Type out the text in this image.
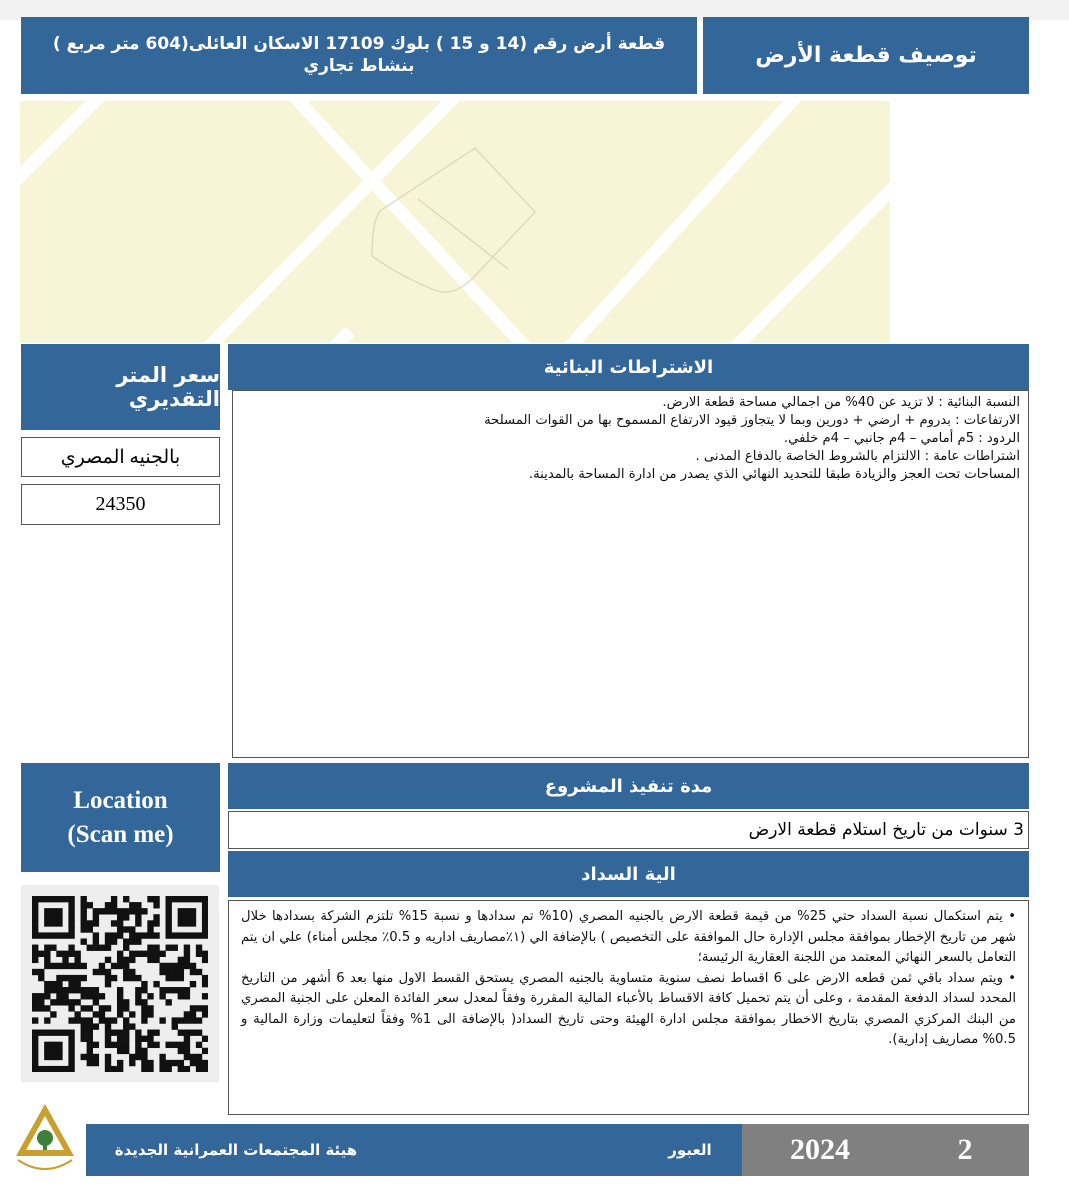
قطعة أرض رقم (14 و 15 ) بلوك 17109 الاسكان العائلى(604 متر مربع ) بنشاط تجاري	توصيف قطعة الأرض
سعر المتر التقديري
بالجنيه المصري
24350
الاشتراطات البنائية
النسبة البنائية : لا تزيد عن 40% من اجمالي مساحة قطعة الارض.
الارتفاعات : بدروم + ارضي + دورين وبما لا يتجاوز قيود الارتفاع المسموح بها من القوات المسلحة
الردود : 5م أمامي – 4م جانبي – 4م خلفي.
اشتراطات عامة : الالتزام بالشروط الخاصة بالدفاع المدنى .
المساحات تحت العجز والزيادة طبقا للتحديد النهائي الذي يصدر من ادارة المساحة بالمدينة.
Location
(Scan me)
مدة تنفيذ المشروع
3 سنوات من تاريخ استلام قطعة الارض
الية السداد

• يتم استكمال نسبة السداد حتي 25% من قيمة قطعة الارض بالجنيه المصري (10% تم سدادها و نسبة 15% تلتزم الشركة بسدادها خلال شهر من تاريخ الإخطار بموافقة مجلس الإدارة حال الموافقة على التخصيص ) بالإضافة الي (١٪مصاريف اداريه و 0.5٪ مجلس أمناء) علي ان يتم التعامل بالسعر النهائي المعتمد من اللجنة العقارية الرئيسة؛

• ويتم سداد باقي ثمن قطعه الارض على 6 اقساط نصف سنوية متساوية بالجنيه المصري يستحق القسط الاول منها بعد 6 أشهر من التاريخ المحدد لسداد الدفعة المقدمة ، وعلى أن يتم تحميل كافة الاقساط بالأعباء المالية المقررة وفقاً لمعدل سعر الفائدة المعلن على الجنية المصري من البنك المركزي المصري بتاريخ الاخطار بموافقة مجلس ادارة الهيئة وحتى تاريخ السداد( بالإضافة الى 1% وفقاً لتعليمات وزارة المالية و 0.5% مصاريف إدارية).

هيئة المجتمعات العمرانية الجديدة	العبور	2024	2
